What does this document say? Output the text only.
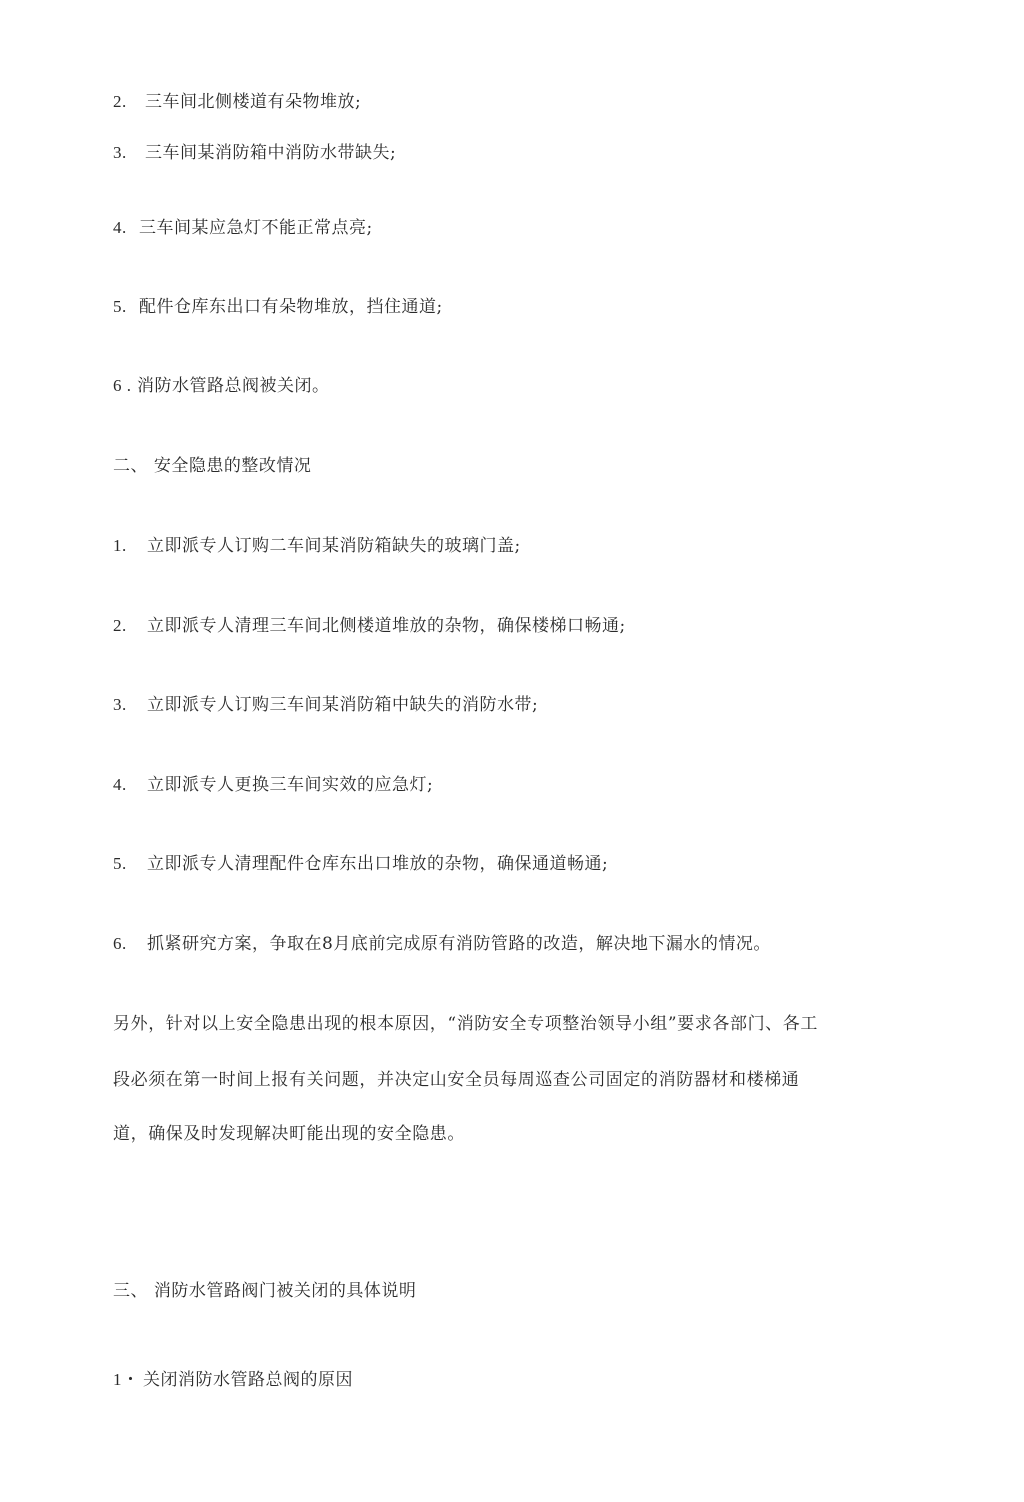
2. 三车间北侧楼道有朵物堆放;
3. 三车间某消防箱中消防水带缺失;
4. 三车间某应急灯不能正常点亮;
5. 配件仓库东出口有朵物堆放，挡住通道;
6 . 消防水管路总阀被关闭。
二、 安全隐患的整改情况
1. 立即派专人订购二车间某消防箱缺失的玻璃门盖;
2. 立即派专人清理三车间北侧楼道堆放的杂物，确保楼梯口畅通;
3. 立即派专人订购三车间某消防箱中缺失的消防水带;
4. 立即派专人更换三车间实效的应急灯;
5. 立即派专人清理配件仓库东出口堆放的杂物，确保通道畅通;
6. 抓紧研究方案，争取在8月底前完成原有消防管路的改造，解决地下漏水的情况。
另外，针对以上安全隐患出现的根本原因，“消防安全专项整治领导小组”要求各部门、各工
段必须在第一时间上报有关问题，并决定山安全员每周巡查公司固定的消防器材和楼梯通
道，确保及时发现解决町能出现的安全隐患。
三、 消防水管路阀门被关闭的具体说明
1・ 关闭消防水管路总阀的原因
